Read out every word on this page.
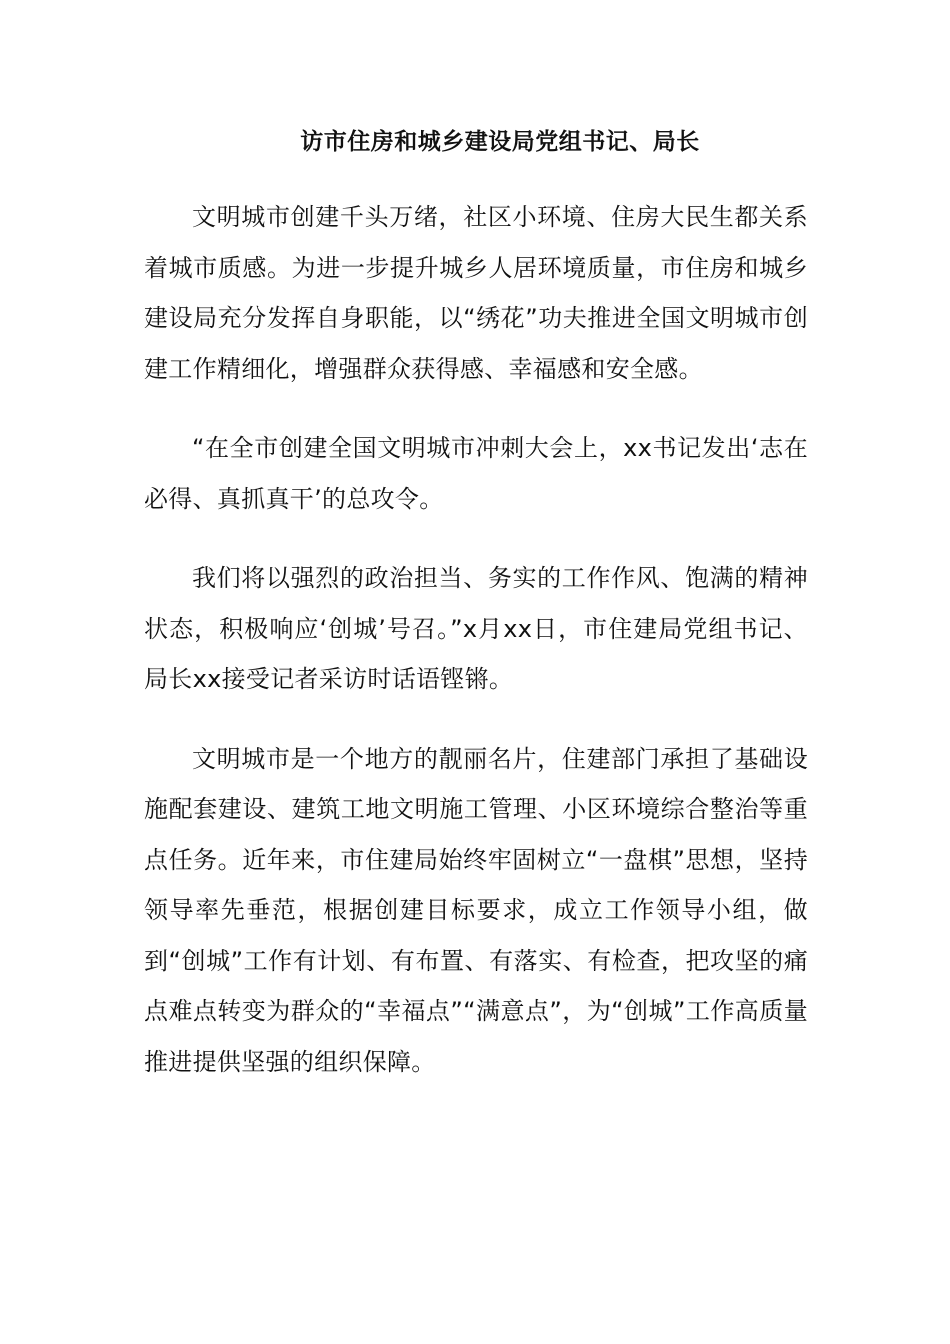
访市住房和城乡建设局党组书记、局长

文明城市创建千头万绪，社区小环境、住房大民生都关系着城市质感。为进一步提升城乡人居环境质量，市住房和城乡建设局充分发挥自身职能，以“绣花”功夫推进全国文明城市创建工作精细化，增强群众获得感、幸福感和安全感。

“在全市创建全国文明城市冲刺大会上，xx书记发出‘志在必得、真抓真干’的总攻令。

我们将以强烈的政治担当、务实的工作作风、饱满的精神状态，积极响应‘创城’号召。”x月xx日，市住建局党组书记、局长xx接受记者采访时话语铿锵。

文明城市是一个地方的靓丽名片，住建部门承担了基础设施配套建设、建筑工地文明施工管理、小区环境综合整治等重点任务。近年来，市住建局始终牢固树立“一盘棋”思想，坚持领导率先垂范，根据创建目标要求，成立工作领导小组，做到“创城”工作有计划、有布置、有落实、有检查，把攻坚的痛点难点转变为群众的“幸福点”“满意点”，为“创城”工作高质量推进提供坚强的组织保障。
